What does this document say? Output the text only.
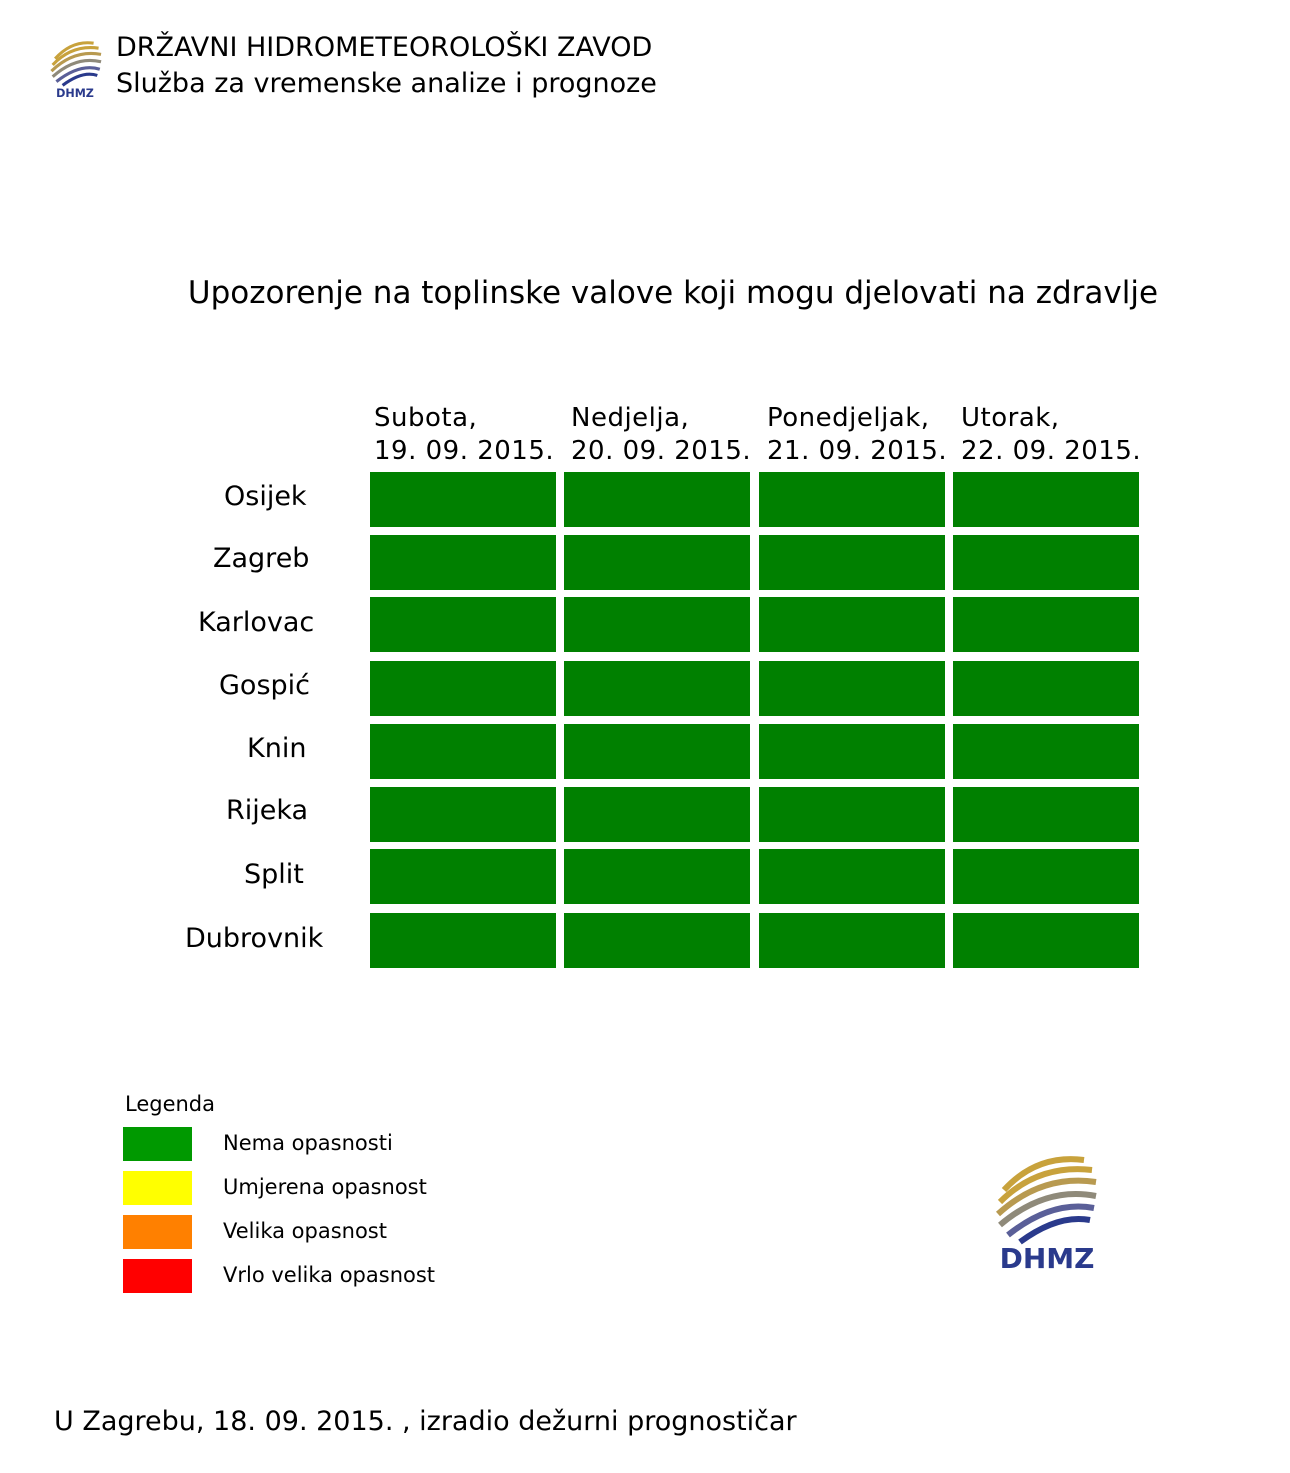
DHMZ
DRŽAVNI HIDROMETEOROLOŠKI ZAVOD
Služba za vremenske analize i prognoze
Upozorenje na toplinske valove koji mogu djelovati na zdravlje
Subota,
19. 09. 2015.
Nedjelja,
20. 09. 2015.
Ponedjeljak,
21. 09. 2015.
Utorak,
22. 09. 2015.
Osijek
Zagreb
Karlovac
Gospić
Knin
Rijeka
Split
Dubrovnik
Legenda
Nema opasnosti
Umjerena opasnost
Velika opasnost
Vrlo velika opasnost	DHMZ
U Zagrebu, 18. 09. 2015. , izradio dežurni prognostičar
